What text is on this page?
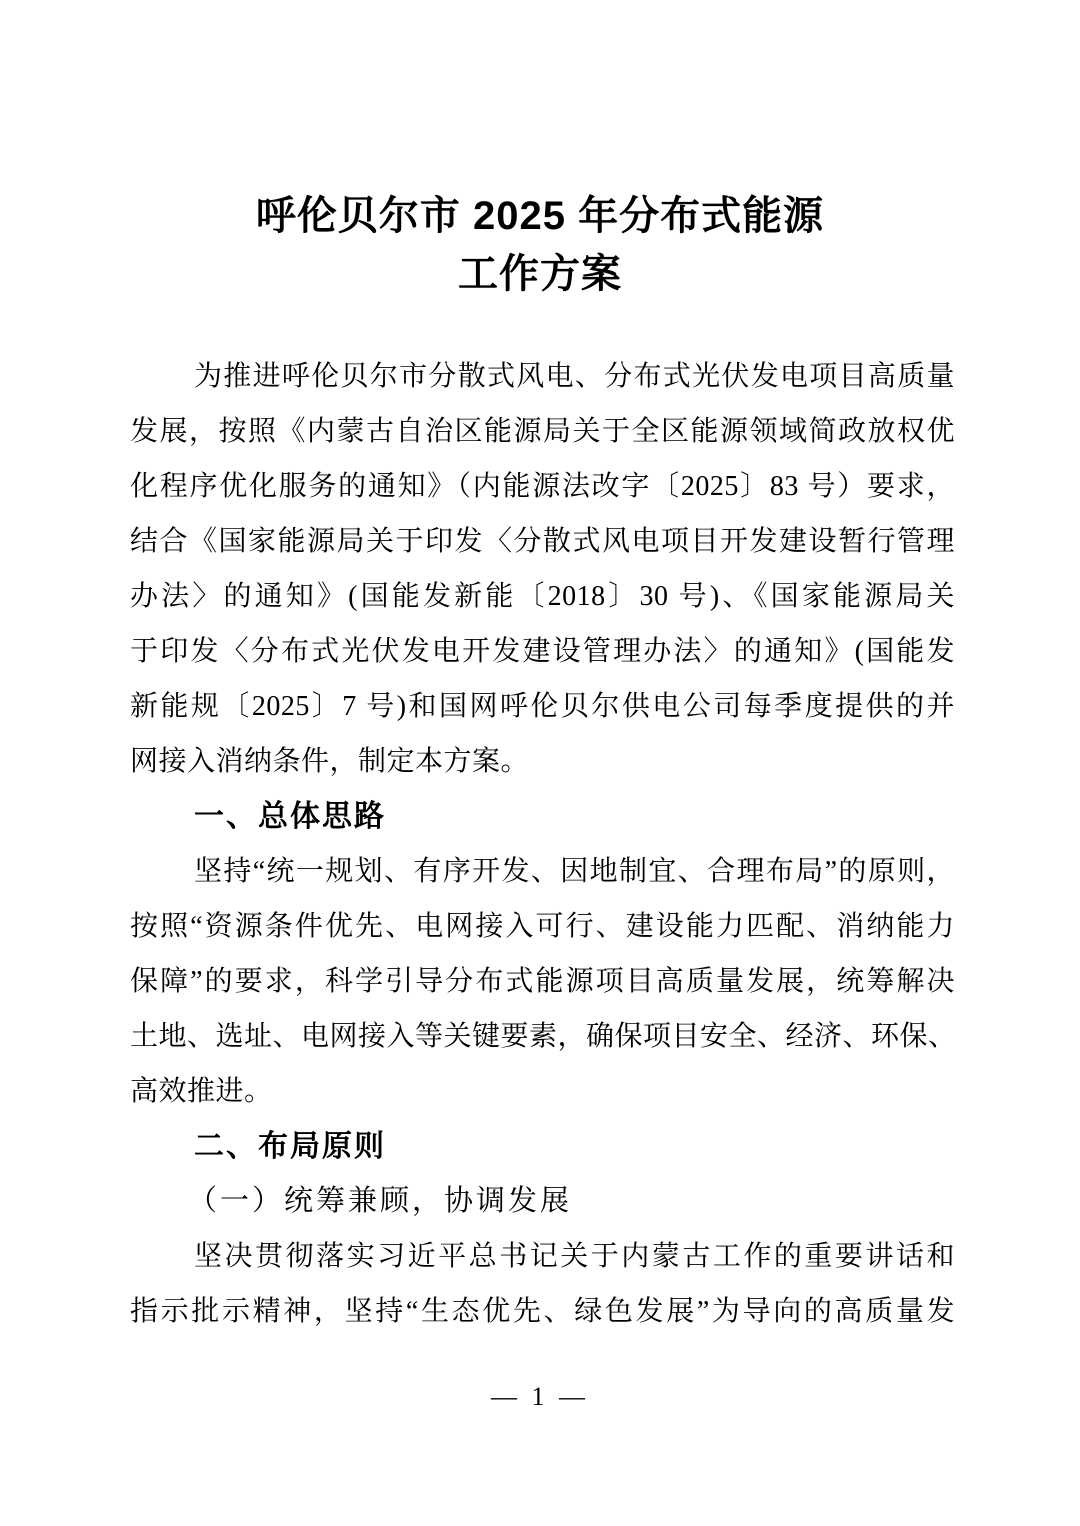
呼伦贝尔市 2025 年分布式能源
工作方案
为推进呼伦贝尔市分散式风电、分布式光伏发电项目高质量
发展，按照《内蒙古自治区能源局关于全区能源领域简政放权优
化程序优化服务的通知》（内能源法改字〔2025〕83 号）要求，
结合《国家能源局关于印发〈分散式风电项目开发建设暂行管理
办法〉的通知》(国能发新能〔2018〕30 号)、《国家能源局关
于印发〈分布式光伏发电开发建设管理办法〉的通知》(国能发
新能规〔2025〕7 号)和国网呼伦贝尔供电公司每季度提供的并
网接入消纳条件，制定本方案。
一、总体思路
坚持“统一规划、有序开发、因地制宜、合理布局”的原则，
按照“资源条件优先、电网接入可行、建设能力匹配、消纳能力
保障”的要求，科学引导分布式能源项目高质量发展，统筹解决
土地、选址、电网接入等关键要素，确保项目安全、经济、环保、
高效推进。
二、布局原则
（一）统筹兼顾，协调发展
坚决贯彻落实习近平总书记关于内蒙古工作的重要讲话和
指示批示精神，坚持“生态优先、绿色发展”为导向的高质量发
— 1 —
